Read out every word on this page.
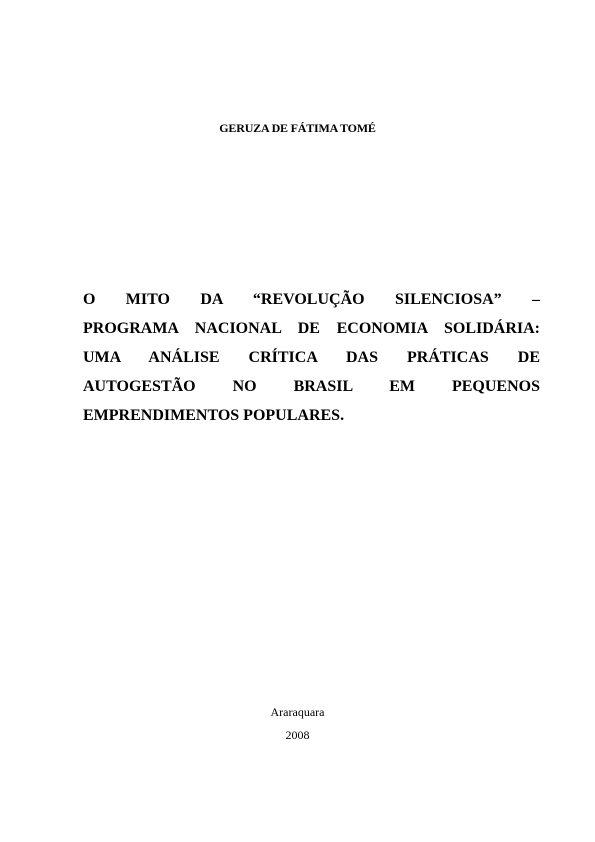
GERUZA DE FÁTIMA TOMÉ
O MITO DA “REVOLUÇÃO SILENCIOSA” –
PROGRAMA NACIONAL DE ECONOMIA SOLIDÁRIA:
UMA ANÁLISE CRÍTICA DAS PRÁTICAS DE
AUTOGESTÃO NO BRASIL EM PEQUENOS
EMPRENDIMENTOS POPULARES.
Araraquara
2008
